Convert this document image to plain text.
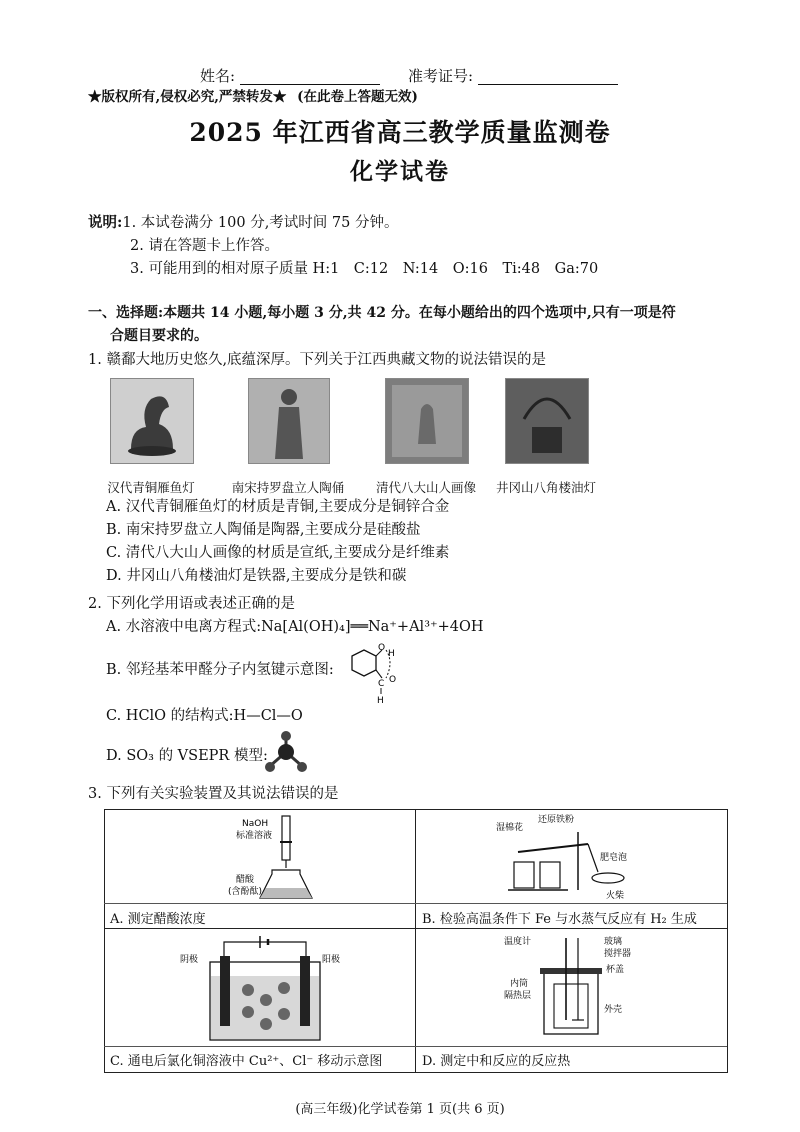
姓名:	准考证号:
★版权所有,侵权必究,严禁转发★ (在此卷上答题无效)
2025 年江西省高三教学质量监测卷
化学试卷
说明:1. 本试卷满分 100 分,考试时间 75 分钟。
2. 请在答题卡上作答。
3. 可能用到的相对原子质量 H:1　C:12　N:14　O:16　Ti:48　Ga:70
一、选择题:本题共 14 小题,每小题 3 分,共 42 分。在每小题给出的四个选项中,只有一项是符
合题目要求的。
1. 赣鄱大地历史悠久,底蕴深厚。下列关于江西典藏文物的说法错误的是
汉代青铜雁鱼灯	南宋持罗盘立人陶俑	清代八大山人画像	井冈山八角楼油灯
A. 汉代青铜雁鱼灯的材质是青铜,主要成分是铜锌合金
B. 南宋持罗盘立人陶俑是陶器,主要成分是硅酸盐
C. 清代八大山人画像的材质是宣纸,主要成分是纤维素
D. 井冈山八角楼油灯是铁器,主要成分是铁和碳
2. 下列化学用语或表述正确的是
A. 水溶液中电离方程式:Na[Al(OH)₄]══Na⁺+Al³⁺+4OH
B. 邻羟基苯甲醛分子内氢键示意图:
O
H
C O
H
C. HClO 的结构式:H—Cl—O
D. SO₃ 的 VSEPR 模型:
3. 下列有关实验装置及其说法错误的是
NaOH
标准溶液
醋酸
(含酚酞)
A. 测定醋酸浓度
湿棉花
还原铁粉
肥皂泡
火柴
B. 检验高温条件下 Fe 与水蒸气反应有 H₂ 生成
阴极	阳极
C. 通电后氯化铜溶液中 Cu²⁺、Cl⁻ 移动示意图
温度计	玻璃
搅拌器
杯盖
内筒
隔热层
外壳
D. 测定中和反应的反应热
(高三年级)化学试卷第 1 页(共 6 页)
